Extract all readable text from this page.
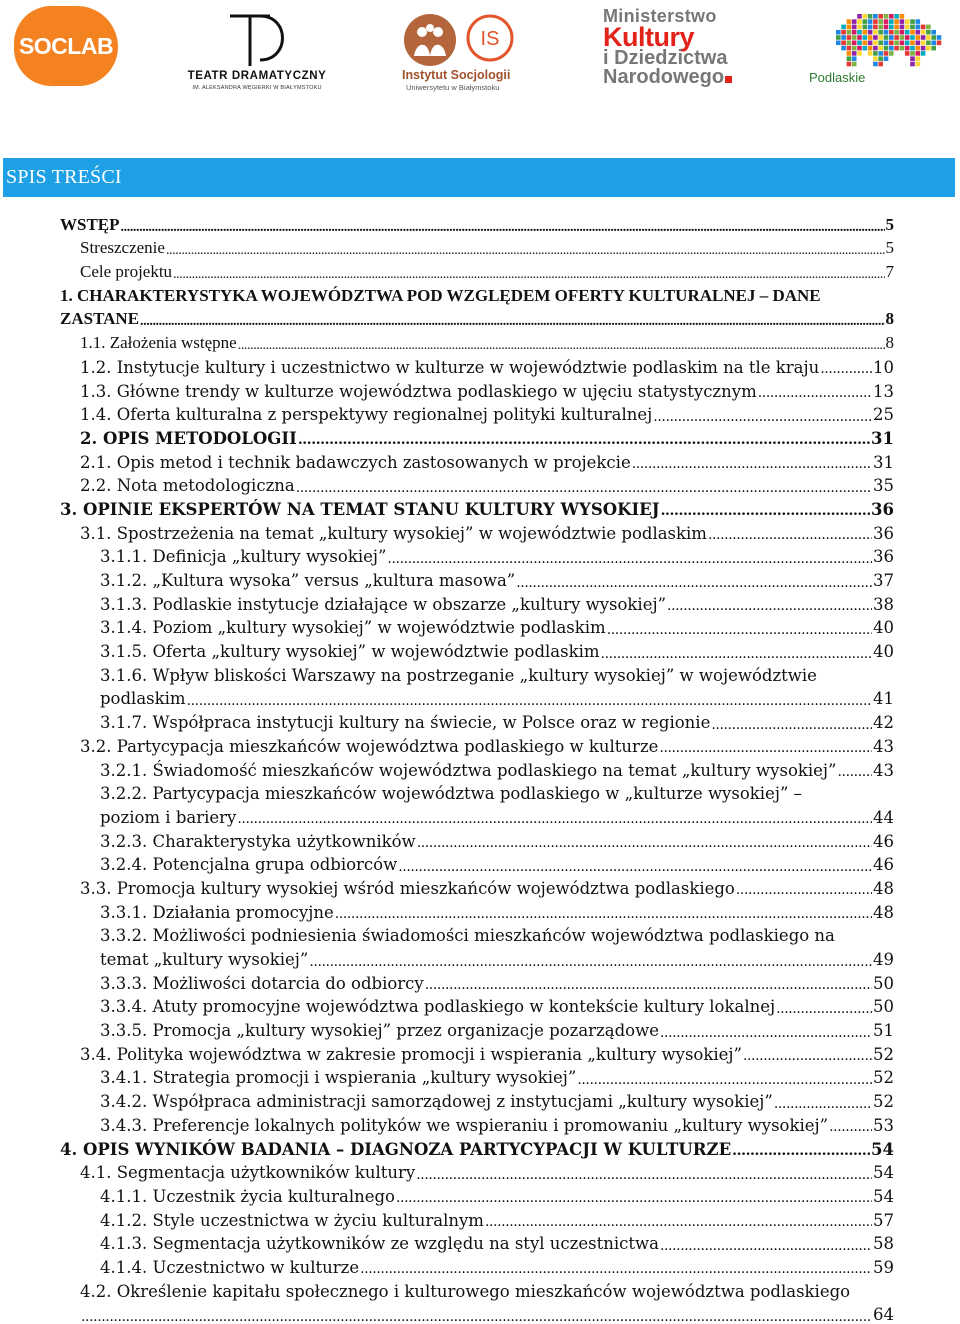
SOCLAB
TEATR DRAMATYCZNY
IM. ALEKSANDRA WĘGIERKI W BIAŁYMSTOKU
IS
Instytut Socjologii
Uniwersytetu w Białymstoku
Ministerstwo
Kultury
i Dziedzictwa
Narodowego	Podlaskie
SPIS TREŚCI
WSTĘP .....	5
Streszczenie .....	5
Cele projektu .....	7
1. CHARAKTERYSTYKA WOJEWÓDZTWA POD WZGLĘDEM OFERTY KULTURALNEJ – DANE
ZASTANE .....	8
1.1. Założenia wstępne .....	8
1.2. Instytucje kultury i uczestnictwo w kulturze w województwie podlaskim na tle kraju .....	10
1.3. Główne trendy w kulturze województwa podlaskiego w ujęciu statystycznym .....	13
1.4. Oferta kulturalna z perspektywy regionalnej polityki kulturalnej .....	25
2. OPIS METODOLOGII .....	31
2.1. Opis metod i technik badawczych zastosowanych w projekcie .....	31
2.2. Nota metodologiczna .....	35
3. OPINIE EKSPERTÓW NA TEMAT STANU KULTURY WYSOKIEJ .....	36
3.1. Spostrzeżenia na temat „kultury wysokiej” w województwie podlaskim .....	36
3.1.1. Definicja „kultury wysokiej” .....	36
3.1.2. „Kultura wysoka” versus „kultura masowa” .....	37
3.1.3. Podlaskie instytucje działające w obszarze „kultury wysokiej” .....	38
3.1.4. Poziom „kultury wysokiej” w województwie podlaskim .....	40
3.1.5. Oferta „kultury wysokiej” w województwie podlaskim .....	40
3.1.6. Wpływ bliskości Warszawy na postrzeganie „kultury wysokiej” w województwie
podlaskim .....	41
3.1.7. Współpraca instytucji kultury na świecie, w Polsce oraz w regionie .....	42
3.2. Partycypacja mieszkańców województwa podlaskiego w kulturze .....	43
3.2.1. Świadomość mieszkańców województwa podlaskiego na temat „kultury wysokiej” ..... 43
3.2.2. Partycypacja mieszkańców województwa podlaskiego w „kulturze wysokiej” –
poziom i bariery .....	44
3.2.3. Charakterystyka użytkowników .....	46
3.2.4. Potencjalna grupa odbiorców .....	46
3.3. Promocja kultury wysokiej wśród mieszkańców województwa podlaskiego .....	48
3.3.1. Działania promocyjne .....	48
3.3.2. Możliwości podniesienia świadomości mieszkańców województwa podlaskiego na
temat „kultury wysokiej” .....	49
3.3.3. Możliwości dotarcia do odbiorcy .....	50
3.3.4. Atuty promocyjne województwa podlaskiego w kontekście kultury lokalnej .....	50
3.3.5. Promocja „kultury wysokiej” przez organizacje pozarządowe .....	51
3.4. Polityka województwa w zakresie promocji i wspierania „kultury wysokiej” .....	52
3.4.1. Strategia promocji i wspierania „kultury wysokiej” .....	52
3.4.2. Współpraca administracji samorządowej z instytucjami „kultury wysokiej” .....	52
3.4.3. Preferencje lokalnych polityków we wspieraniu i promowaniu „kultury wysokiej” .....	53
4. OPIS WYNIKÓW BADANIA – DIAGNOZA PARTYCYPACJI W KULTURZE .....	54
4.1. Segmentacja użytkowników kultury .....	54
4.1.1. Uczestnik życia kulturalnego .....	54
4.1.2. Style uczestnictwa w życiu kulturalnym .....	57
4.1.3. Segmentacja użytkowników ze względu na styl uczestnictwa .....	58
4.1.4. Uczestnictwo w kulturze .....	59
4.2. Określenie kapitału społecznego i kulturowego mieszkańców województwa podlaskiego
.....
64
